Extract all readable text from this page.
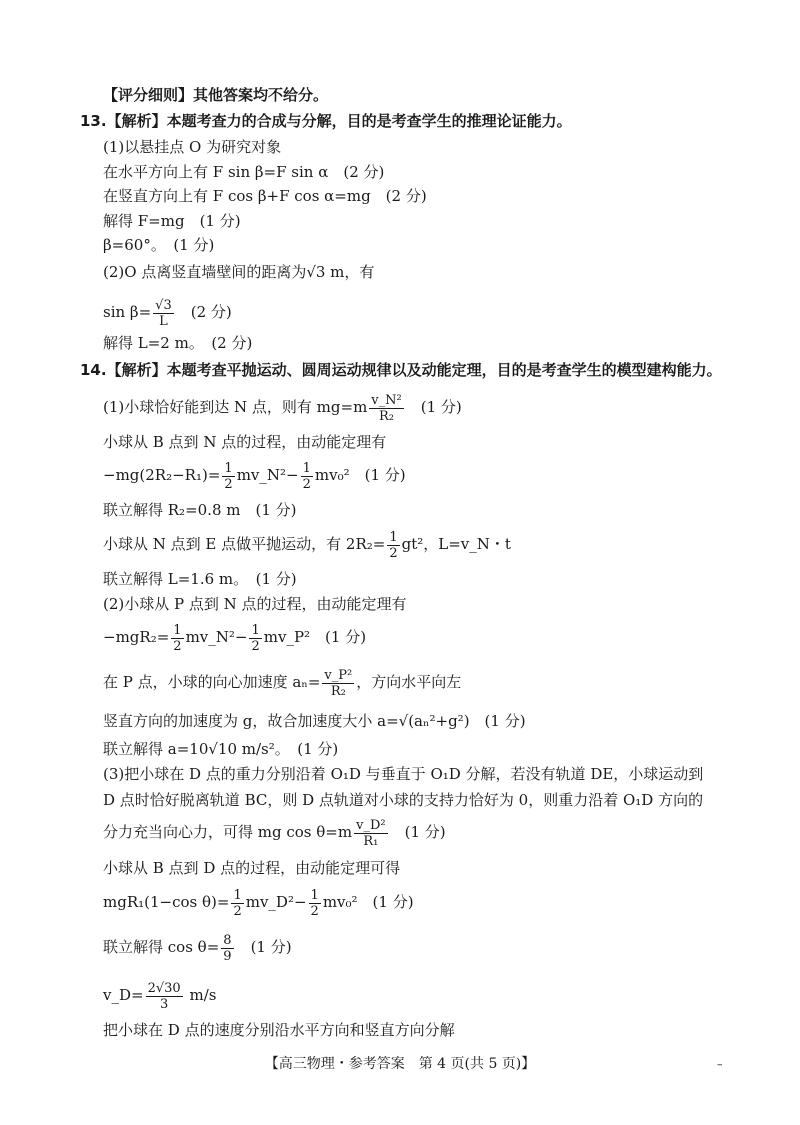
【评分细则】其他答案均不给分。
13.【解析】本题考查力的合成与分解，目的是考查学生的推理论证能力。
(1)以悬挂点 O 为研究对象
在水平方向上有 F sin β=F sin α　(2 分)
在竖直方向上有 F cos β+F cos α=mg　(2 分)
解得 F=mg　(1 分)
β=60°。　(1 分)
(2)O 点离竖直墙壁间的距离为√3 m，有
$\sin \beta= \frac{√3}{L}$
　 (2 分)
解得 L=2 m。　(2 分)
14.【解析】本题考查平抛运动、圆周运动规律以及动能定理，目的是考查学生的模型建构能力。
(1)小球恰好能到达 N 点，则有 $mg=m \frac{\text{v\_N²}}{\text{R₂}}$
　 (1 分)
小球从 B 点到 N 点的过程，由动能定理有
$-mg(2R_2-R_1)= \frac{1}{2}$ mv_N²− $\frac{1}{2} mv_0^2$　(1 分)
联立解得 R₂=0.8 m　(1 分)
小球从 N 点到 E 点做平抛运动，有 $2R_2= \frac{1}{2} gt^2$，L=v_N・t
联立解得 L=1.6 m。　(1 分)
(2)小球从 P 点到 N 点的过程，由动能定理有
$-mgR_2= \frac{1}{2}$ mv_N²− $\frac{1}{2}$ mv_P²　(1 分)
在 P 点，小球的向心加速度 $a_n= \frac{\text{v\_P²}}{\text{R₂}}$ ，方向水平向左
竖直方向的加速度为 g，故合加速度大小 a=√(aₙ²+g²)　(1 分)
联立解得 a=10√10 m/s²。　(1 分)
(3)把小球在 D 点的重力分别沿着 O₁D 与垂直于 O₁D 分解，若没有轨道 DE，小球运动到
D 点时恰好脱离轨道 BC，则 D 点轨道对小球的支持力恰好为 0，则重力沿着 O₁D 方向的
分力充当向心力，可得 mg $\cos \theta=m \frac{\text{v\_D²}}{\text{R₁}}$
　 (1 分)
小球从 B 点到 D 点的过程，由动能定理可得
mgR₁(1−cos $\theta)= \frac{1}{2}$ mv_D²− $\frac{1}{2} mv_0^2$　(1 分)
联立解得 $\cos \theta= \frac{8}{9}$
　 (1 分)
v_D= $\frac{2√30}{3} m/s$
把小球在 D 点的速度分别沿水平方向和竖直方向分解
【高三物理・参考答案　第 4 页(共 5 页)】	–
